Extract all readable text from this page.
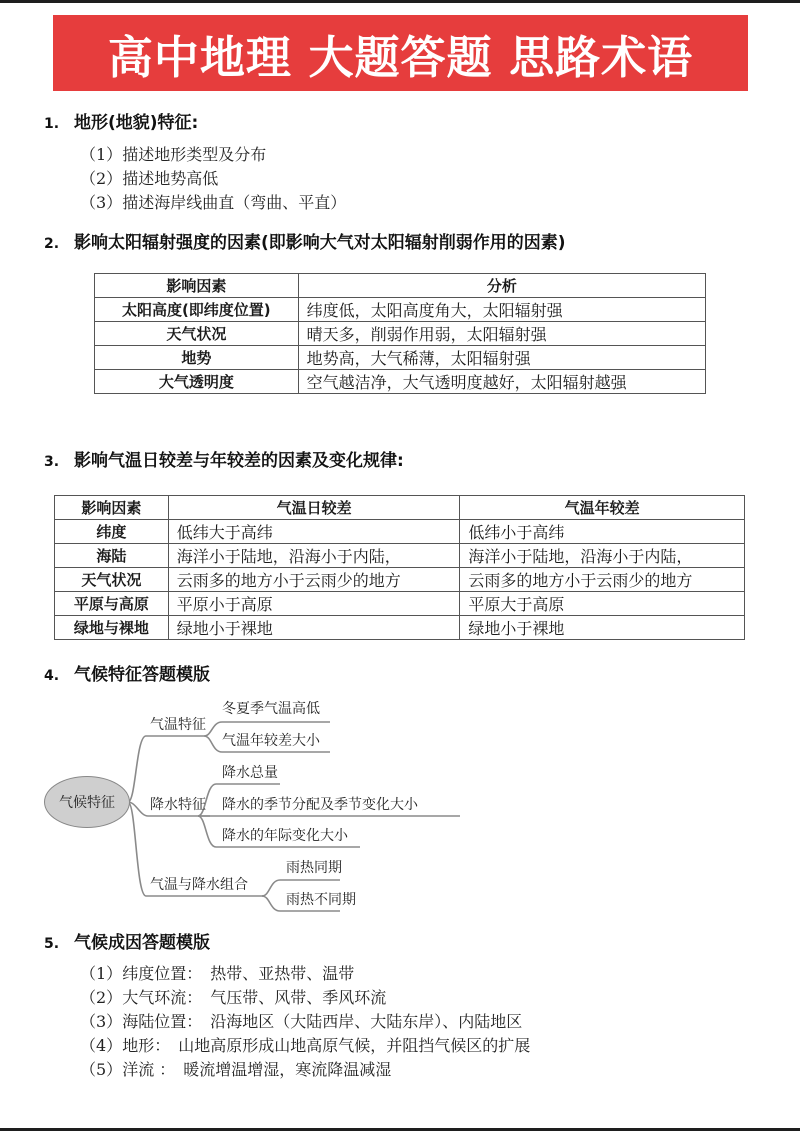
高中地理 大题答题 思路术语
1. 地形(地貌)特征:
（1）描述地形类型及分布
（2）描述地势高低
（3）描述海岸线曲直（弯曲、平直）
2. 影响太阳辐射强度的因素(即影响大气对太阳辐射削弱作用的因素)
影响因素	分析
太阳高度(即纬度位置)	纬度低，太阳高度角大，太阳辐射强
天气状况	晴天多，削弱作用弱，太阳辐射强
地势	地势高，大气稀薄，太阳辐射强
大气透明度	空气越洁净，大气透明度越好，太阳辐射越强
3. 影响气温日较差与年较差的因素及变化规律:
影响因素	气温日较差	气温年较差
纬度	低纬大于高纬	低纬小于高纬
海陆	海洋小于陆地，沿海小于内陆，	海洋小于陆地，沿海小于内陆，
天气状况	云雨多的地方小于云雨少的地方	云雨多的地方小于云雨少的地方
平原与高原	平原小于高原	平原大于高原
绿地与裸地	绿地小于裸地	绿地小于裸地
4. 气候特征答题模版
气候特征
气温特征
冬夏季气温高低
气温年较差大小
降水特征
降水总量
降水的季节分配及季节变化大小
降水的年际变化大小
气温与降水组合
雨热同期
雨热不同期
5. 气候成因答题模版
（1）纬度位置： 热带、亚热带、温带
（2）大气环流： 气压带、风带、季风环流
（3）海陆位置： 沿海地区（大陆西岸、大陆东岸）、内陆地区
（4）地形： 山地高原形成山地高原气候，并阻挡气候区的扩展
（5）洋流 ： 暖流增温增湿，寒流降温减湿
